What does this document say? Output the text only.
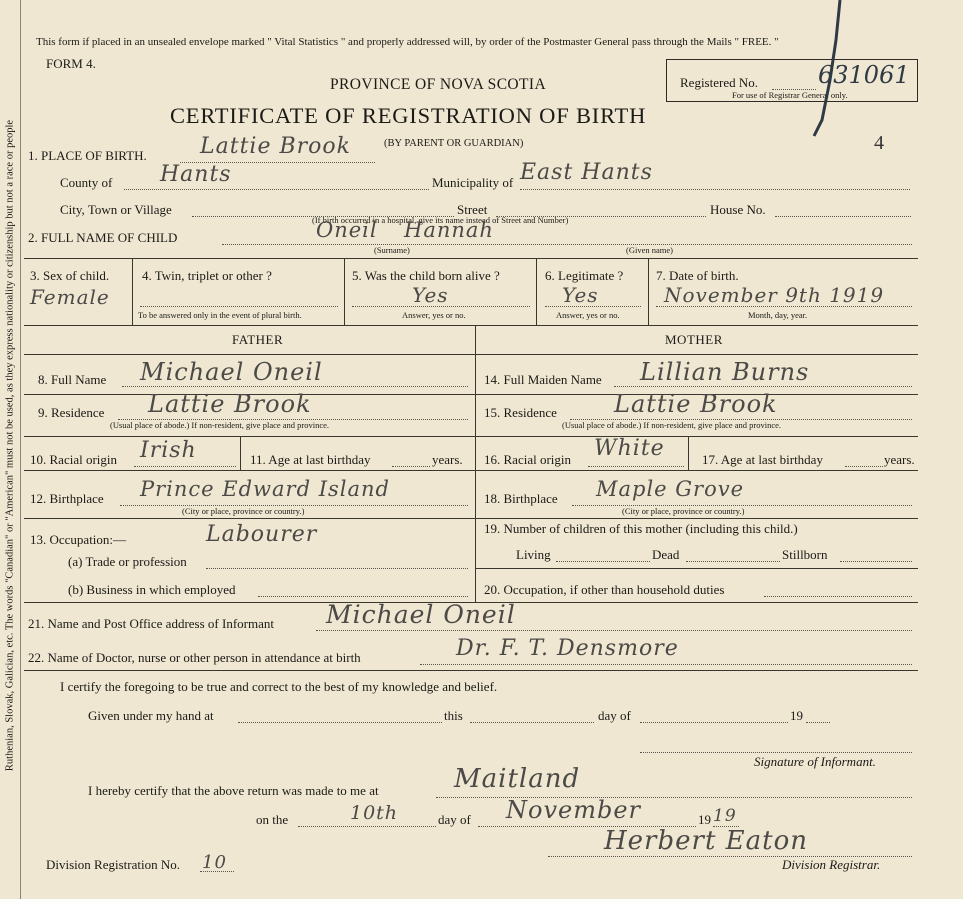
Ruthenian, Slovak, Galician, etc. The words "Canadian" or "American" must not be used, as they express nationality or citizenship but not a race or people
This form if placed in an unsealed envelope marked " Vital Statistics " and properly addressed will, by order of the Postmaster General pass through the Mails " FREE. "
FORM 4.
PROVINCE OF NOVA SCOTIA
CERTIFICATE OF REGISTRATION OF BIRTH
Registered No.	631061
For use of Registrar General only.
4
1. PLACE OF BIRTH. Lattie Brook	(BY PARENT OR GUARDIAN)
County of Hants	Municipality of East Hants
City, Town or Village	Street	House No.
(If birth occurred in a hospital, give its name instead of Street and Number)
2. FULL NAME OF CHILD	Oneil Hannah
(Surname)	(Given name)
3. Sex of child.
Female
4. Twin, triplet or other ?
To be answered only in the event of plural birth.
5. Was the child born alive ?
Yes
Answer, yes or no.
6. Legitimate ?
Yes
Answer, yes or no.
7. Date of birth.
November 9th 1919
Month, day, year.
FATHER	MOTHER
8. Full Name Michael Oneil
9. Residence Lattie Brook
(Usual place of abode.) If non-resident, give place and province.
10. Racial origin Irish	11. Age at last birthday	years.
12. Birthplace Prince Edward Island
(City or place, province or country.)
13. Occupation:—	Labourer
(a) Trade or profession
(b) Business in which employed
14. Full Maiden Name Lillian Burns
15. Residence Lattie Brook
(Usual place of abode.) If non-resident, give place and province.
16. Racial origin White	17. Age at last birthday	years.
18. Birthplace Maple Grove
(City or place, province or country.)
19. Number of children of this mother (including this child.)
Living	Dead	Stillborn
20. Occupation, if other than household duties
21. Name and Post Office address of Informant Michael Oneil
22. Name of Doctor, nurse or other person in attendance at birth	Dr. F. T. Densmore
I certify the foregoing to be true and correct to the best of my knowledge and belief.
Given under my hand at	this	day of	19
Signature of Informant.
I hereby certify that the above return was made to me at	Maitland
on the	10th	day of November	19 19
Herbert Eaton
Division Registrar.
Division Registration No. 10
